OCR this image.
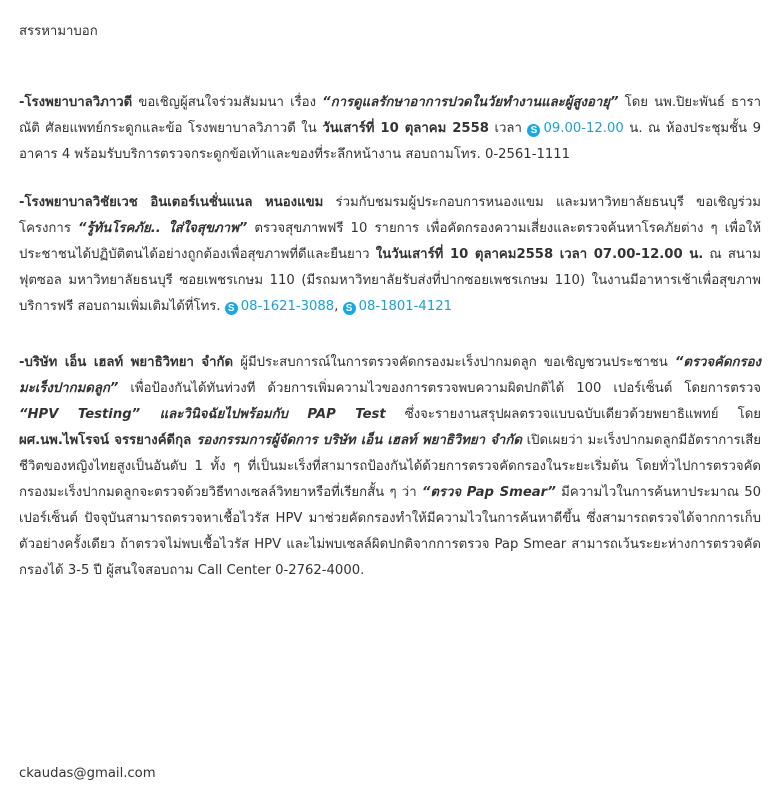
สรรหามาบอก

-โรงพยาบาลวิภาวดี ขอเชิญผู้สนใจร่วมสัมมนา เรื่อง “การดูแลรักษาอาการปวดในวัยทำงานและผู้สูงอายุ” โดย นพ.ปิยะพันธ์ ธาราณัติ ศัลยแพทย์กระดูกและข้อ โรงพยาบาลวิภาวดี ใน วันเสาร์ที่ 10 ตุลาคม 2558 เวลา S 09.00-12.00 น. ณ ห้องประชุมชั้น 9 อาคาร 4 พร้อมรับบริการตรวจกระดูกข้อเท้าและของที่ระลึกหน้างาน สอบถามโทร. 0-2561-1111

-โรงพยาบาลวิชัยเวช อินเตอร์เนชั่นแนล หนองแขม ร่วมกับชมรมผู้ประกอบการหนองแขม และมหาวิทยาลัยธนบุรี ขอเชิญร่วมโครงการ “รู้ทันโรคภัย.. ใส่ใจสุขภาพ” ตรวจสุขภาพฟรี 10 รายการ เพื่อคัดกรองความเสี่ยงและตรวจค้นหาโรคภัยต่าง ๆ เพื่อให้ประชาชนได้ปฏิบัติตนได้อย่างถูกต้องเพื่อสุขภาพที่ดีและยืนยาว ในวันเสาร์ที่ 10 ตุลาคม2558 เวลา 07.00-12.00 น. ณ สนามฟุตซอล มหาวิทยาลัยธนบุรี ซอยเพชรเกษม 110 (มีรถมหาวิทยาลัยรับส่งที่ปากซอยเพชรเกษม 110) ในงานมีอาหารเช้าเพื่อสุขภาพบริการฟรี สอบถามเพิ่มเติมได้ที่โทร. S 08-1621-3088, S 08-1801-4121

-บริษัท เอ็น เฮลท์ พยาธิวิทยา จำกัด ผู้มีประสบการณ์ในการตรวจคัดกรองมะเร็งปากมดลูก ขอเชิญชวนประชาชน “ตรวจคัดกรองมะเร็งปากมดลูก” เพื่อป้องกันได้ทันท่วงที ด้วยการเพิ่มความไวของการตรวจพบความผิดปกติได้ 100 เปอร์เซ็นต์ โดยการตรวจ “HPV Testing” และวินิจฉัยไปพร้อมกับ PAP Test ซึ่งจะรายงานสรุปผลตรวจแบบฉบับเดียวด้วยพยาธิแพทย์ โดย ผศ.นพ.ไพโรจน์ จรรยางค์ดีกุล รองกรรมการผู้จัดการ บริษัท เอ็น เฮลท์ พยาธิวิทยา จำกัด เปิดเผยว่า มะเร็งปากมดลูกมีอัตราการเสียชีวิตของหญิงไทยสูงเป็นอันดับ 1 ทั้ง ๆ ที่เป็นมะเร็งที่สามารถป้องกันได้ด้วยการตรวจคัดกรองในระยะเริ่มต้น โดยทั่วไปการตรวจคัดกรองมะเร็งปากมดลูกจะตรวจด้วยวิธีทางเซลล์วิทยาหรือที่เรียกสั้น ๆ ว่า “ตรวจ Pap Smear” มีความไวในการค้นหาประมาณ 50 เปอร์เซ็นต์ ปัจจุบันสามารถตรวจหาเชื้อไวรัส HPV มาช่วยคัดกรองทำให้มีความไวในการค้นหาดีขึ้น ซึ่งสามารถตรวจได้จากการเก็บตัวอย่างครั้งเดียว ถ้าตรวจไม่พบเชื้อไวรัส HPV และไม่พบเซลล์ผิดปกติจากการตรวจ Pap Smear สามารถเว้นระยะห่างการตรวจคัดกรองได้ 3-5 ปี ผู้สนใจสอบถาม Call Center 0-2762-4000.

ckaudas@gmail.com
